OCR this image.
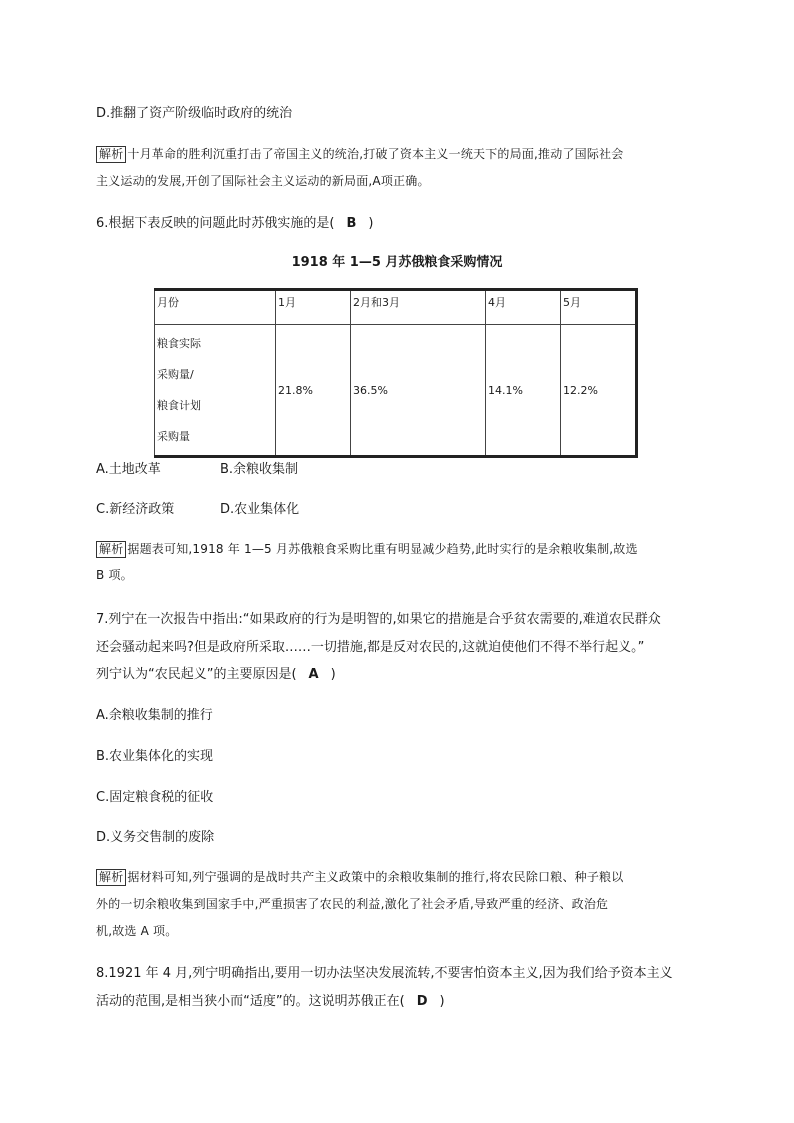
D.推翻了资产阶级临时政府的统治
解析 十月革命的胜利沉重打击了帝国主义的统治,打破了资本主义一统天下的局面,推动了国际社会
主义运动的发展,开创了国际社会主义运动的新局面,A项正确。
6.根据下表反映的问题此时苏俄实施的是( B )
1918 年 1—5 月苏俄粮食采购情况
月份	1月	2月和3月	4月	5月

粮食实际
采购量/
粮食计划
采购量	21.8%	36.5%	14.1%	12.2%
A.土地改革	B.余粮收集制
C.新经济政策	D.农业集体化
解析 据题表可知,1918 年 1—5 月苏俄粮食采购比重有明显减少趋势,此时实行的是余粮收集制,故选
B 项。
7.列宁在一次报告中指出:“如果政府的行为是明智的,如果它的措施是合乎贫农需要的,难道农民群众
还会骚动起来吗?但是政府所采取……一切措施,都是反对农民的,这就迫使他们不得不举行起义。”
列宁认为“农民起义”的主要原因是( A )
A.余粮收集制的推行
B.农业集体化的实现
C.固定粮食税的征收
D.义务交售制的废除
解析 据材料可知,列宁强调的是战时共产主义政策中的余粮收集制的推行,将农民除口粮、种子粮以
外的一切余粮收集到国家手中,严重损害了农民的利益,激化了社会矛盾,导致严重的经济、政治危
机,故选 A 项。
8.1921 年 4 月,列宁明确指出,要用一切办法坚决发展流转,不要害怕资本主义,因为我们给予资本主义
活动的范围,是相当狭小而“适度”的。这说明苏俄正在( D )
